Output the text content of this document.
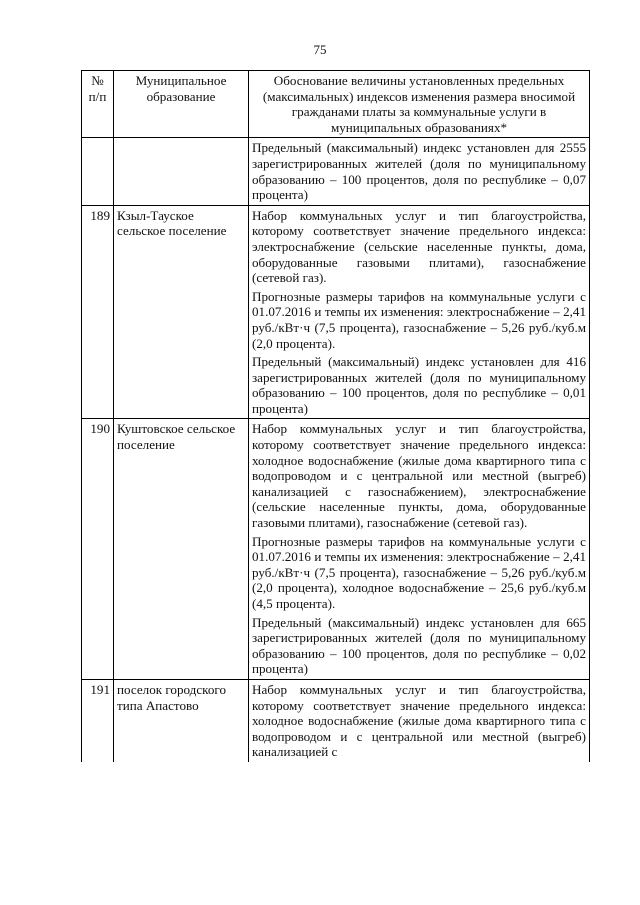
75
№ п/п	Муниципальное образование	Обоснование величины установленных предельных (максимальных) индексов изменения размера вносимой гражданами платы за коммунальные услуги в муниципальных образованиях*

		Предельный (максимальный) индекс установлен для 2555 зарегистрированных жителей (доля по муниципальному образованию – 100 процентов, доля по республике – 0,07 процента)

189	Кзыл-Тауское сельское поселение	Набор коммунальных услуг и тип благоустройства, которому соответствует значение предельного индекса: электроснабжение (сельские населенные пункты, дома, оборудованные газовыми плитами), газоснабжение (сетевой газ).

Прогнозные размеры тарифов на коммунальные услуги с 01.07.2016 и темпы их изменения: электроснабжение – 2,41 руб./кВт·ч (7,5 процента), газоснабжение – 5,26 руб./куб.м (2,0 процента).

Предельный (максимальный) индекс установлен для 416 зарегистрированных жителей (доля по муниципальному образованию – 100 процентов, доля по республике – 0,01 процента)

190	Куштовское сельское поселение	Набор коммунальных услуг и тип благоустройства, которому соответствует значение предельного индекса: холодное водоснабжение (жилые дома квартирного типа с водопроводом и с центральной или местной (выгреб) канализацией с газоснабжением), электроснабжение (сельские населенные пункты, дома, оборудованные газовыми плитами), газоснабжение (сетевой газ).

Прогнозные размеры тарифов на коммунальные услуги с 01.07.2016 и темпы их изменения: электроснабжение – 2,41 руб./кВт·ч (7,5 процента), газоснабжение – 5,26 руб./куб.м (2,0 процента), холодное водоснабжение – 25,6 руб./куб.м (4,5 процента).

Предельный (максимальный) индекс установлен для 665 зарегистрированных жителей (доля по муниципальному образованию – 100 процентов, доля по республике – 0,02 процента)

191	поселок городского типа Апастово	Набор коммунальных услуг и тип благоустройства, которому соответствует значение предельного индекса: холодное водоснабжение (жилые дома квартирного типа с водопроводом и с центральной или местной (выгреб) канализацией с
